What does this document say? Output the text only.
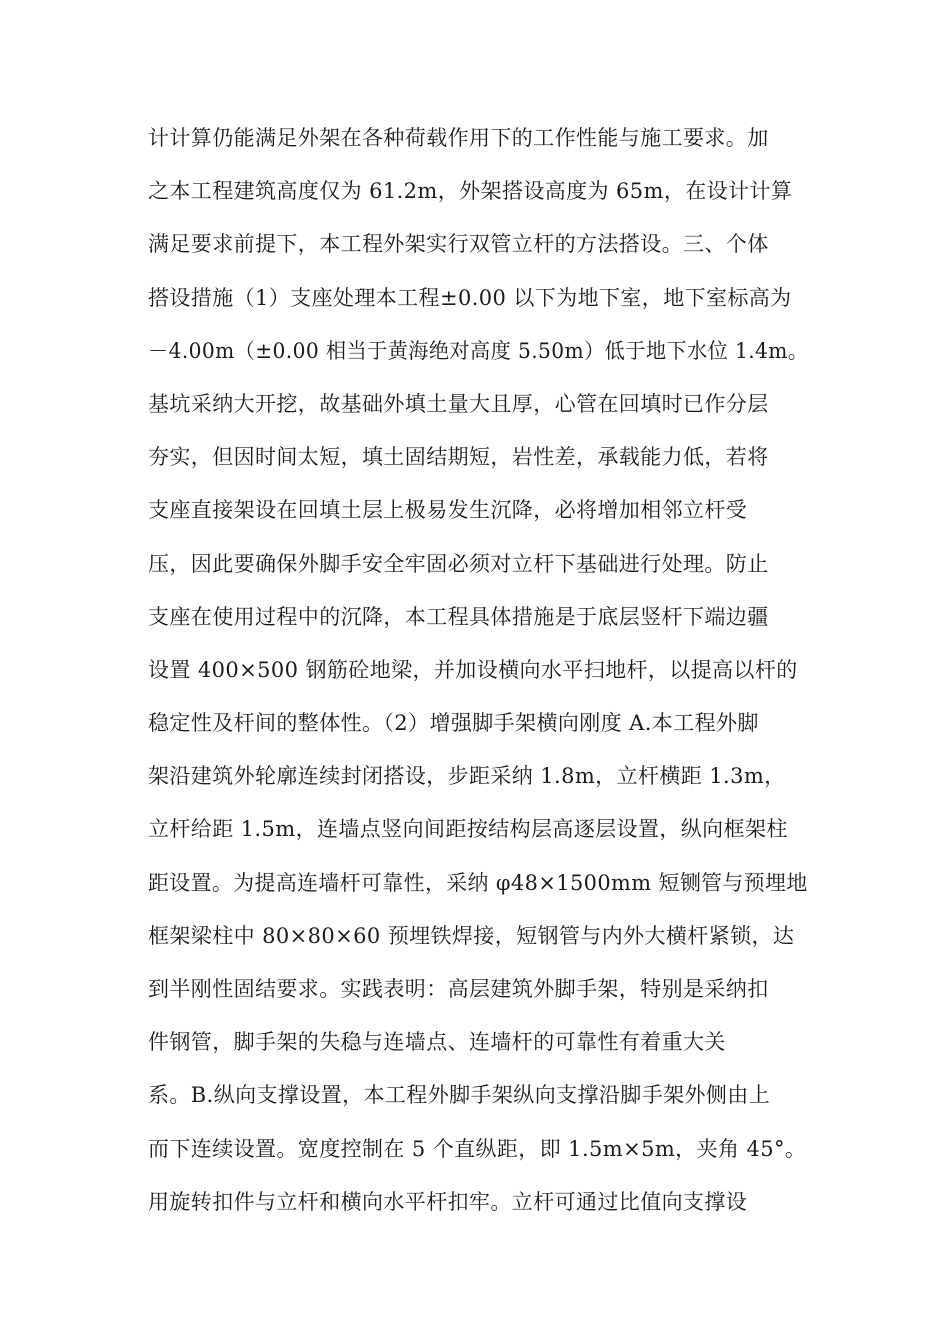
计计算仍能满足外架在各种荷载作用下的工作性能与施工要求。加
之本工程建筑高度仅为 61.2m，外架搭设高度为 65m，在设计计算
满足要求前提下，本工程外架实行双管立杆的方法搭设。三、个体
搭设措施（1）支座处理本工程±0.00 以下为地下室，地下室标高为
－4.00m（±0.00 相当于黄海绝对高度 5.50m）低于地下水位 1.4m。
基坑采纳大开挖，故基础外填土量大且厚，心管在回填时已作分层
夯实，但因时间太短，填土固结期短，岩性差，承载能力低，若将
支座直接架设在回填土层上极易发生沉降，必将增加相邻立杆受
压，因此要确保外脚手安全牢固必须对立杆下基础进行处理。防止
支座在使用过程中的沉降，本工程具体措施是于底层竖杆下端边疆
设置 400×500 钢筋砼地梁，并加设横向水平扫地杆，以提高以杆的
稳定性及杆间的整体性。（2）增强脚手架横向刚度 A.本工程外脚
架沿建筑外轮廓连续封闭搭设，步距采纳 1.8m，立杆横距 1.3m，
立杆给距 1.5m，连墙点竖向间距按结构层高逐层设置，纵向框架柱
距设置。为提高连墙杆可靠性，采纳 φ48×1500mm 短铡管与预埋地
框架梁柱中 80×80×60 预埋铁焊接，短钢管与内外大横杆紧锁，达
到半刚性固结要求。实践表明：高层建筑外脚手架，特别是采纳扣
件钢管，脚手架的失稳与连墙点、连墙杆的可靠性有着重大关
系。B.纵向支撑设置，本工程外脚手架纵向支撑沿脚手架外侧由上
而下连续设置。宽度控制在 5 个直纵距，即 1.5m×5m，夹角 45°。
用旋转扣件与立杆和横向水平杆扣牢。立杆可通过比值向支撑设
